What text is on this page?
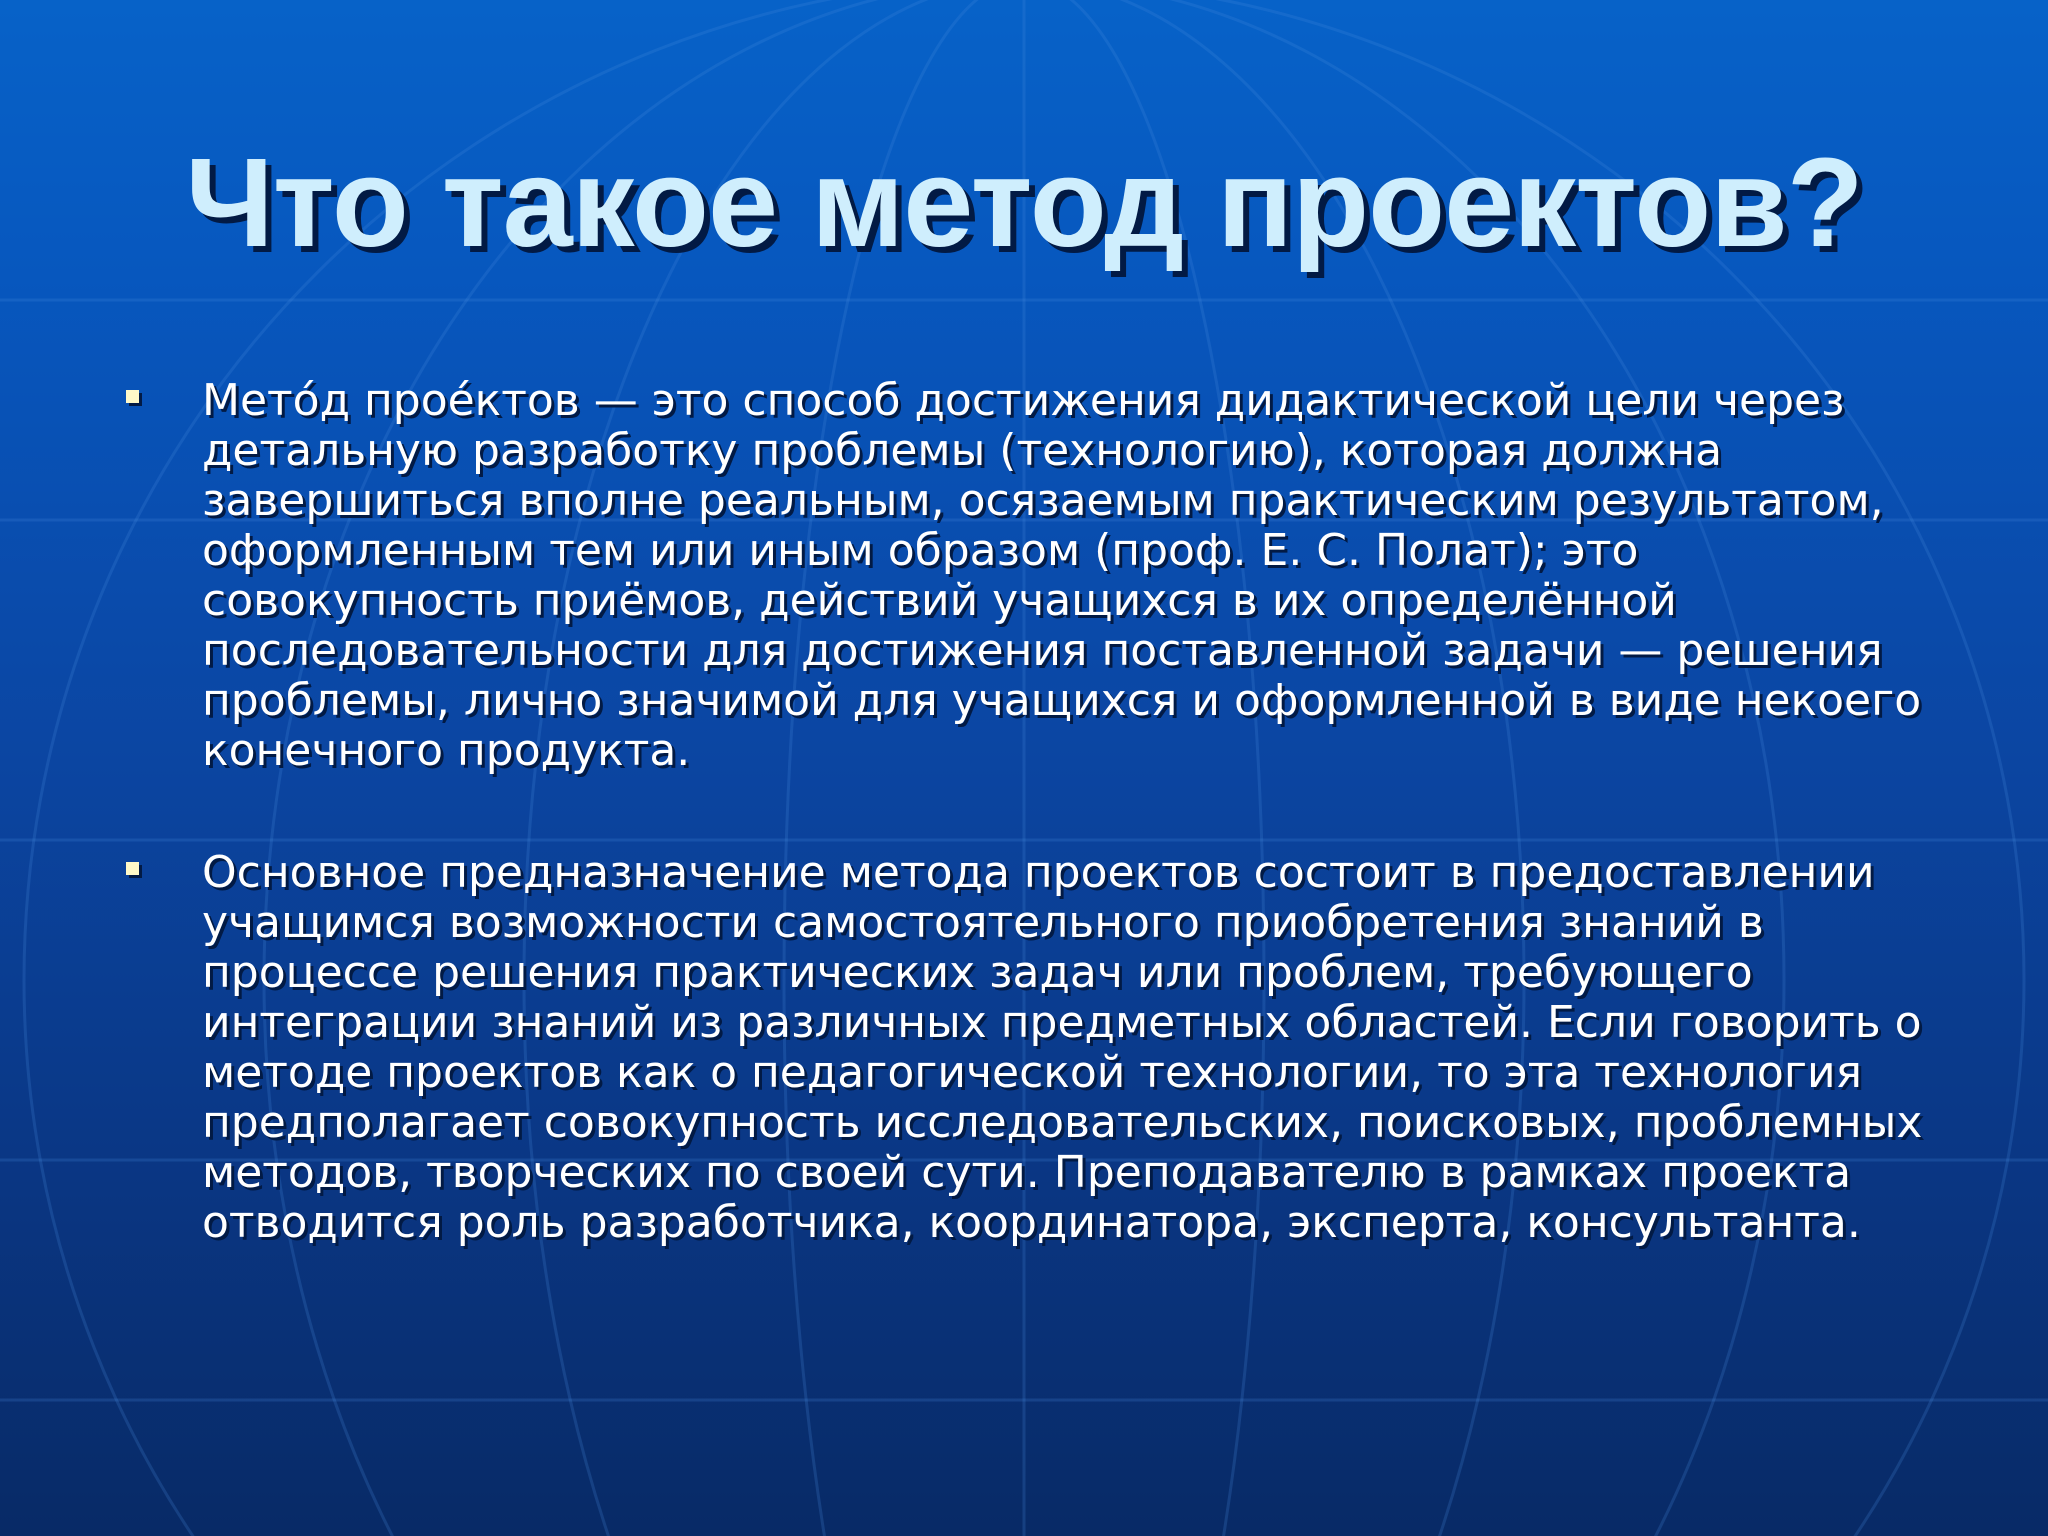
Что такое метод проектов?

Мето́д прое́ктов — это способ достижения дидактической цели через детальную разработку проблемы (технологию), которая должна завершиться вполне реальным, осязаемым практическим результатом, оформленным тем или иным образом (проф. Е. С. Полат); это совокупность приёмов, действий учащихся в их определённой последовательности для достижения поставленной задачи — решения проблемы, лично значимой для учащихся и оформленной в виде некоего конечного продукта.

Основное предназначение метода проектов состоит в предоставлении учащимся возможности самостоятельного приобретения знаний в процессе решения практических задач или проблем, требующего интеграции знаний из различных предметных областей. Если говорить о методе проектов как о педагогической технологии, то эта технология предполагает совокупность исследовательских, поисковых, проблемных методов, творческих по своей сути. Преподавателю в рамках проекта отводится роль разработчика, координатора, эксперта, консультанта.
